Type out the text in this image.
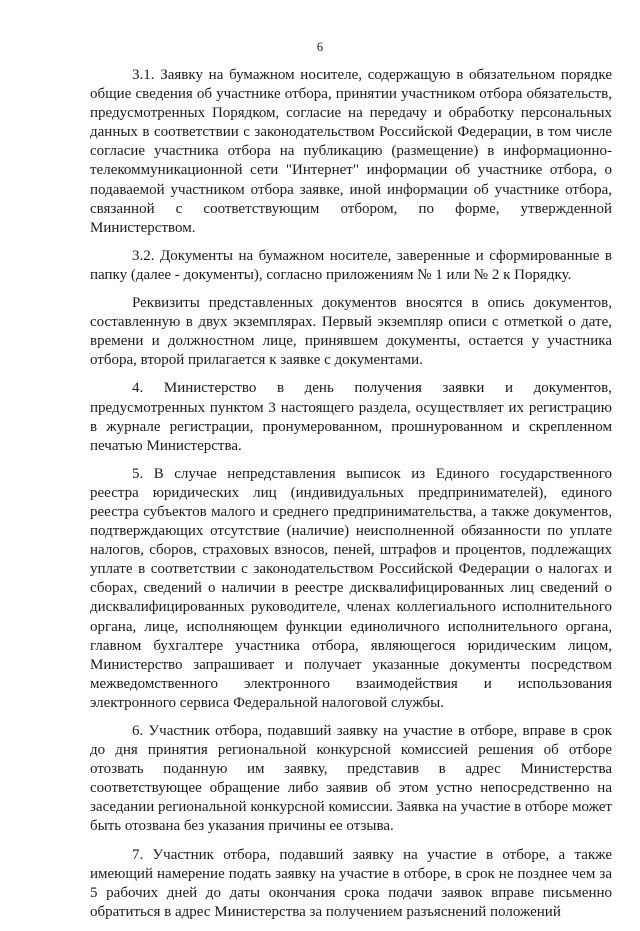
6

3.1. Заявку на бумажном носителе, содержащую в обязательном порядке общие сведения об участнике отбора, принятии участником отбора обязательств, предусмотренных Порядком, согласие на передачу и обработку персональных данных в соответствии с законодательством Российской Федерации, в том числе согласие участника отбора на публикацию (размещение) в информационно-телекоммуникационной сети "Интернет" информации об участнике отбора, о подаваемой участником отбора заявке, иной информации об участнике отбора, связанной с соответствующим отбором, по форме, утвержденной Министерством.

3.2. Документы на бумажном носителе, заверенные и сформированные в папку (далее - документы), согласно приложениям № 1 или № 2 к Порядку.

Реквизиты представленных документов вносятся в опись документов, составленную в двух экземплярах. Первый экземпляр описи с отметкой о дате, времени и должностном лице, принявшем документы, остается у участника отбора, второй прилагается к заявке с документами.

4. Министерство в день получения заявки и документов, предусмотренных пунктом 3 настоящего раздела, осуществляет их регистрацию в журнале регистрации, пронумерованном, прошнурованном и скрепленном печатью Министерства.

5. В случае непредставления выписок из Единого государственного реестра юридических лиц (индивидуальных предпринимателей), единого реестра субъектов малого и среднего предпринимательства, а также документов, подтверждающих отсутствие (наличие) неисполненной обязанности по уплате налогов, сборов, страховых взносов, пеней, штрафов и процентов, подлежащих уплате в соответствии с законодательством Российской Федерации о налогах и сборах, сведений о наличии в реестре дисквалифицированных лиц сведений о дисквалифицированных руководителе, членах коллегиального исполнительного органа, лице, исполняющем функции единоличного исполнительного органа, главном бухгалтере участника отбора, являющегося юридическим лицом, Министерство запрашивает и получает указанные документы посредством межведомственного электронного взаимодействия и использования электронного сервиса Федеральной налоговой службы.

6. Участник отбора, подавший заявку на участие в отборе, вправе в срок до дня принятия региональной конкурсной комиссией решения об отборе отозвать поданную им заявку, представив в адрес Министерства соответствующее обращение либо заявив об этом устно непосредственно на заседании региональной конкурсной комиссии. Заявка на участие в отборе может быть отозвана без указания причины ее отзыва.

7. Участник отбора, подавший заявку на участие в отборе, а также имеющий намерение подать заявку на участие в отборе, в срок не позднее чем за 5 рабочих дней до даты окончания срока подачи заявок вправе письменно обратиться в адрес Министерства за получением разъяснений положений
